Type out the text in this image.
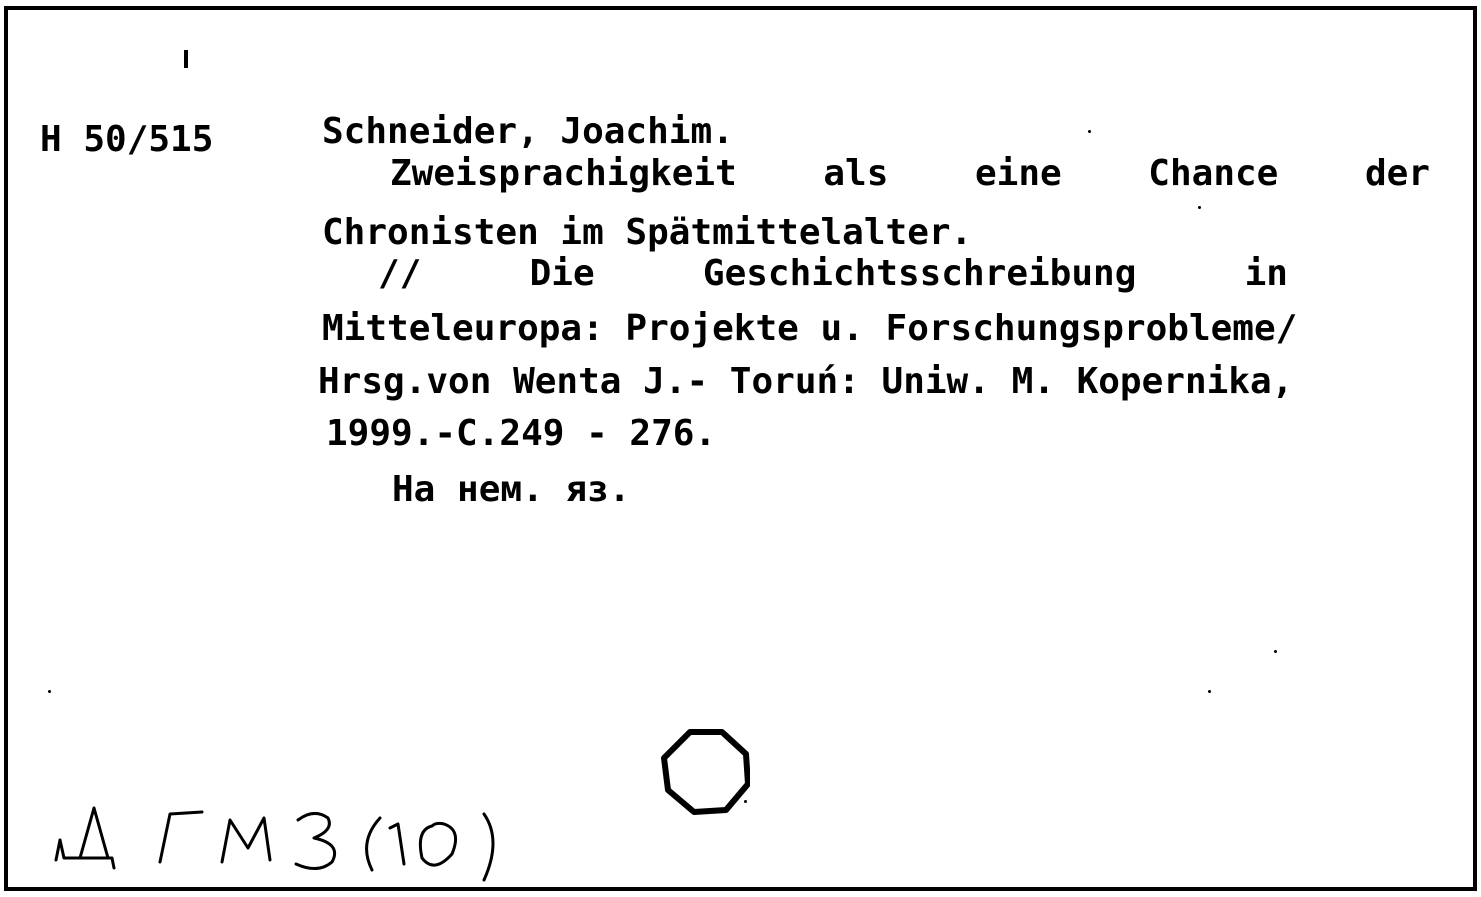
Н 50/515	Schneider, Joachim.
Zweisprachigkeit als eine Chance der
Chronisten im Spätmittelalter.
//	Die	Geschichtsschreibung	in
Mitteleuropa: Projekte u. Forschungsprobleme/
Hrsg.von Wenta J.- Toruń: Uniw. M. Kopernika,
1999.-С.249 - 276.
На нем. яз.
